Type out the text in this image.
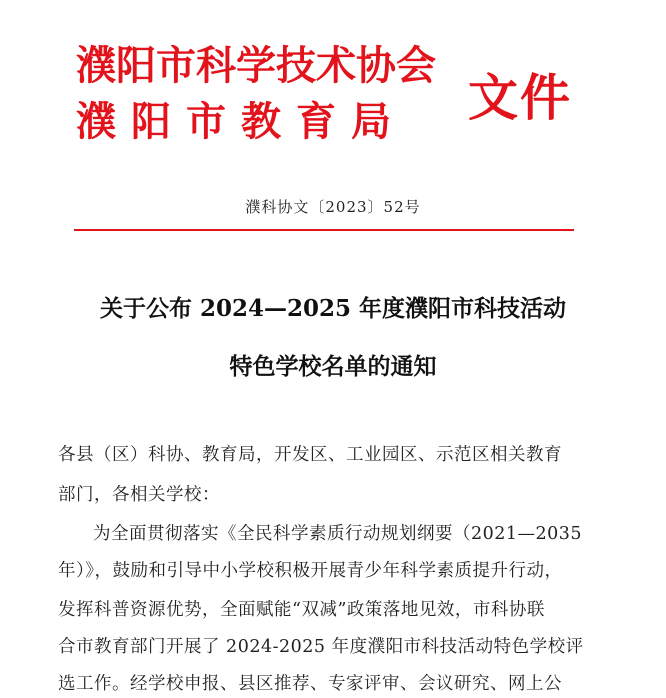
濮阳市科学技术协会
濮阳市教育局 文件
濮科协文〔2023〕52号
关于公布 2024—2025 年度濮阳市科技活动
特色学校名单的通知
各县（区）科协、教育局，开发区、工业园区、示范区相关教育
部门，各相关学校：
为全面贯彻落实《全民科学素质行动规划纲要（2021—2035
年）》，鼓励和引导中小学校积极开展青少年科学素质提升行动，
发挥科普资源优势，全面赋能“双减”政策落地见效，市科协联
合市教育部门开展了 2024-2025 年度濮阳市科技活动特色学校评
选工作。经学校申报、县区推荐、专家评审、会议研究、网上公
